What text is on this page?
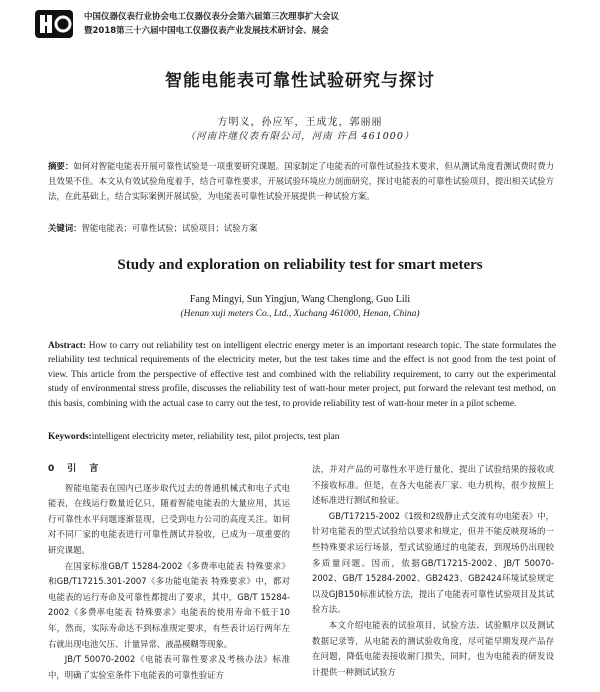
中国仪器仪表行业协会电工仪器仪表分会第六届第三次理事扩大会议
暨2018第三十六届中国电工仪器仪表产业发展技术研讨会、展会
智能电能表可靠性试验研究与探讨
方明义，孙应军，王成龙，郭丽丽
（河南许继仪表有限公司，河南 许昌 461000）
摘要：如何对智能电能表开展可靠性试验是一项重要研究课题。国家制定了电能表的可靠性试验技术要求，但从测试角度看测试费时费力且效果不佳。本文从有效试验角度着手，结合可靠性要求，开展试验环境应力剖面研究，探讨电能表的可靠性试验项目，提出相关试验方法，在此基础上，结合实际案例开展试验，为电能表可靠性试验开展提供一种试验方案。
关键词：智能电能表；可靠性试验；试验项目；试验方案
Study and exploration on reliability test for smart meters
Fang Mingyi, Sun Yingjun, Wang Chenglong, Guo Lili
(Henan xuji meters Co., Ltd., Xuchang 461000, Henan, China)
Abstract: How to carry out reliability test on intelligent electric energy meter is an important research topic. The state formulates the reliability test technical requirements of the electricity meter, but the test takes time and the effect is not good from the test point of view. This article from the perspective of effective test and combined with the reliability requirement, to carry out the experimental study of environmental stress profile, discusses the reliability test of watt-hour meter project, put forward the relevant test method, on this basis, combining with the actual case to carry out the test, to provide reliability test of watt-hour meter in a pilot scheme.
Keywords:intelligent electricity meter, reliability test, pilot projects, test plan
0　引　言

智能电能表在国内已逐步取代过去的普通机械式和电子式电能表，在线运行数量近亿只，随着智能电能表的大量应用，其运行可靠性水平问题逐渐显现，已受到电力公司的高度关注。如何对不同厂家的电能表进行可靠性测试并验收，已成为一项重要的研究课题。

在国家标准GB/T 15284-2002《多费率电能表 特殊要求》和GB/T17215.301-2007《多功能电能表 特殊要求》中，都对电能表的运行寿命及可靠性都提出了要求，其中，GB/T 15284-2002《多费率电能表 特殊要求》电能表的使用寿命不低于10年，然而，实际寿命达不到标准规定要求，有些表计运行两年左右就出现电池欠压、计量异常、液晶模糊等现象。

JB/T 50070-2002《电能表可靠性要求及考核办法》标准中，明确了实验室条件下电能表的可靠性验证方

法，并对产品的可靠性水平进行量化，提出了试验结果的接收或不接收标准。但是，在各大电能表厂家、电力机构，很少按照上述标准进行测试和验证。

GB/T17215-2002《1级和2级静止式交流有功电能表》中，针对电能表的型式试验给以要求和规定，但并不能反映现场的一些特殊要求运行场景，型式试验通过的电能表，到现场仍出现较多质量问题。因而，依据GB/T17215-2002、JB/T 50070-2002、GB/T 15284-2002、GB2423、GB2424环境试验规定以及GJB150标准试验方法，提出了电能表可靠性试验项目及其试验方法。

本文介绍电能表的试验项目，试验方法、试验顺序以及测试数据记录等，从电能表的测试验收角度，尽可能早期发现产品存在问题，降低电能表接收耐门损失，同时，也为电能表的研发设计提供一种测试试验方
